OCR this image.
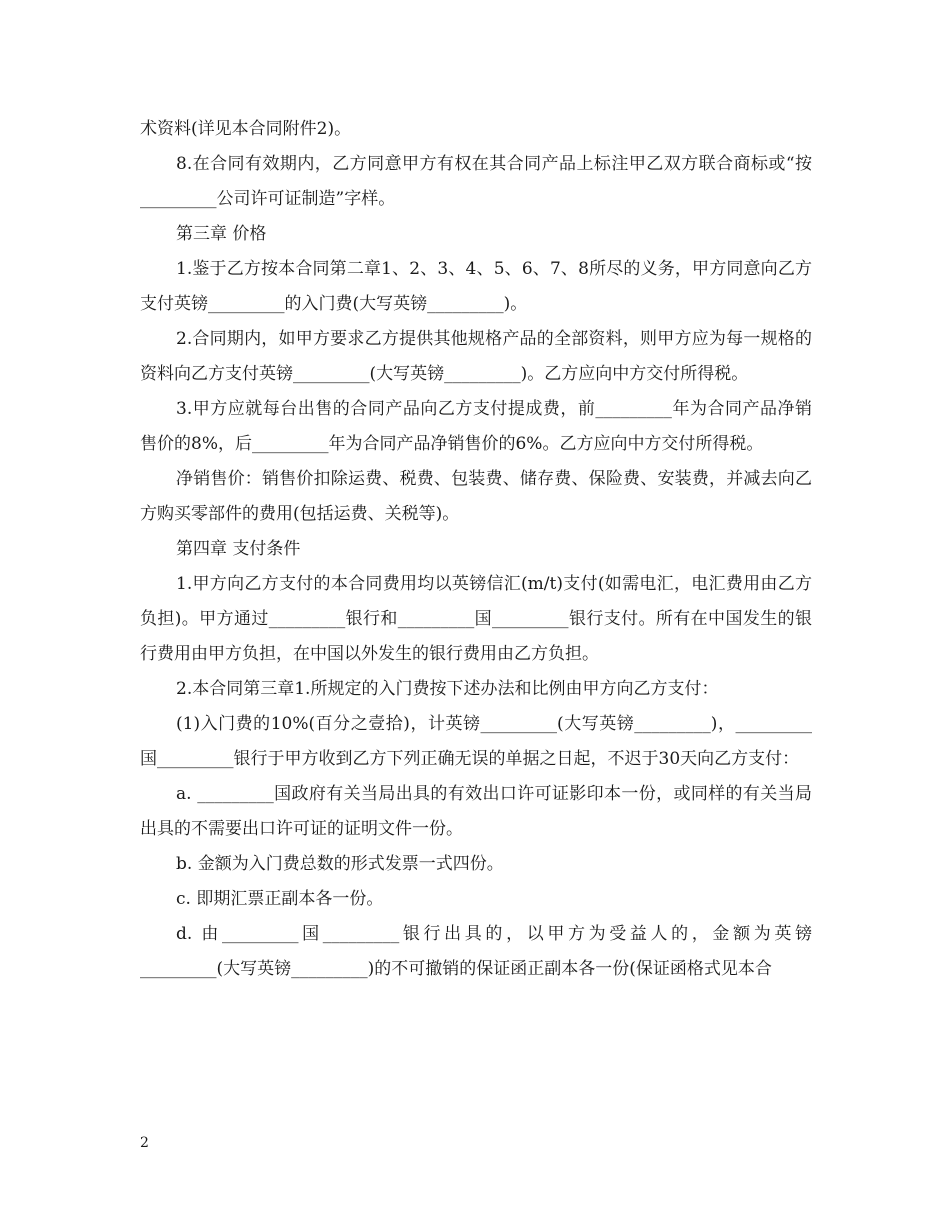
术资料(详见本合同附件2)。

8.在合同有效期内，乙方同意甲方有权在其合同产品上标注甲乙双方联合商标或“按_________公司许可证制造”字样。

第三章 价格

1.鉴于乙方按本合同第二章1、2、3、4、5、6、7、8所尽的义务，甲方同意向乙方支付英镑_________的入门费(大写英镑_________)。

2.合同期内，如甲方要求乙方提供其他规格产品的全部资料，则甲方应为每一规格的资料向乙方支付英镑_________(大写英镑_________)。乙方应向中方交付所得税。

3.甲方应就每台出售的合同产品向乙方支付提成费，前_________年为合同产品净销售价的8%，后_________年为合同产品净销售价的6%。乙方应向中方交付所得税。

净销售价：销售价扣除运费、税费、包装费、储存费、保险费、安装费，并减去向乙方购买零部件的费用(包括运费、关税等)。

第四章 支付条件

1.甲方向乙方支付的本合同费用均以英镑信汇(m/t)支付(如需电汇，电汇费用由乙方负担)。甲方通过_________银行和_________国_________银行支付。所有在中国发生的银行费用由甲方负担，在中国以外发生的银行费用由乙方负担。

2.本合同第三章1.所规定的入门费按下述办法和比例由甲方向乙方支付：

(1)入门费的10%(百分之壹拾)，计英镑_________(大写英镑_________)，_________国_________银行于甲方收到乙方下列正确无误的单据之日起，不迟于30天向乙方支付：

a. _________国政府有关当局出具的有效出口许可证影印本一份，或同样的有关当局出具的不需要出口许可证的证明文件一份。

b. 金额为入门费总数的形式发票一式四份。

c. 即期汇票正副本各一份。

d. 由_________国_________银行出具的，以甲方为受益人的，金额为英镑_________(大写英镑_________)的不可撤销的保证函正副本各一份(保证函格式见本合

2
